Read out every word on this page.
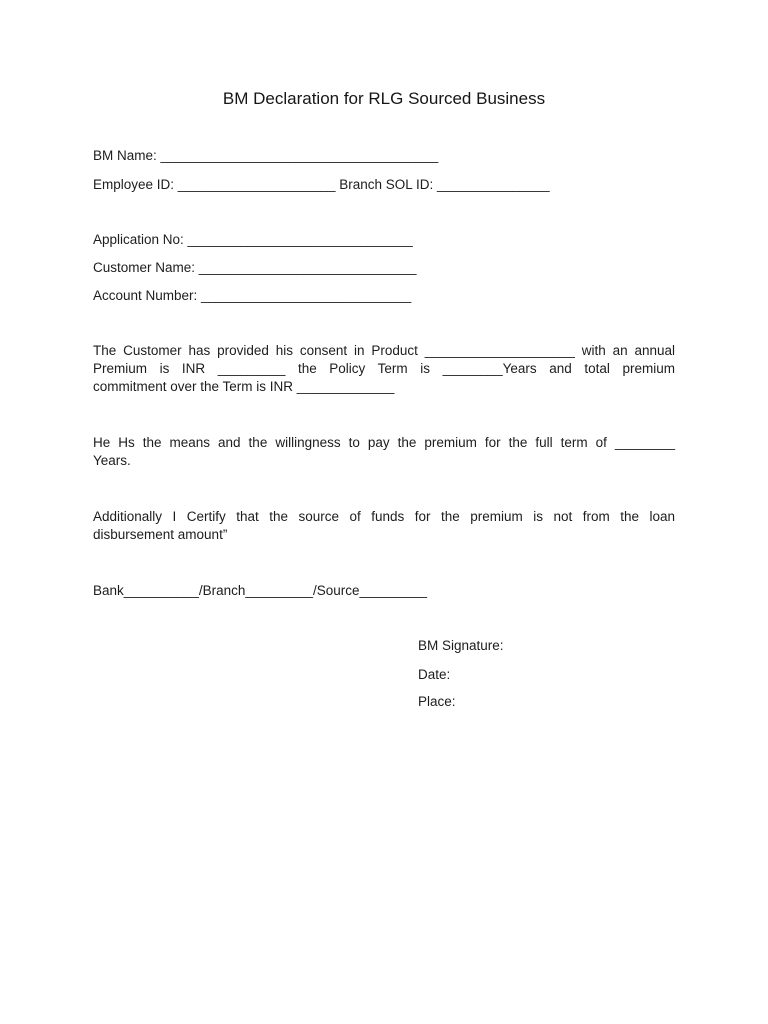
BM Declaration for RLG Sourced Business
BM Name: _____________________________________
Employee ID: _____________________ Branch SOL ID: _______________
Application No: ______________________________
Customer Name: _____________________________
Account Number: ____________________________
The Customer has provided his consent in Product ____________________ with an annual
Premium is INR _________ the Policy Term is ________Years and total premium
commitment over the Term is INR _____________
He Hs the means and the willingness to pay the premium for the full term of ________
Years.
Additionally I Certify that the source of funds for the premium is not from the loan
disbursement amount”
Bank__________/Branch_________/Source_________
BM Signature:
Date:
Place:
